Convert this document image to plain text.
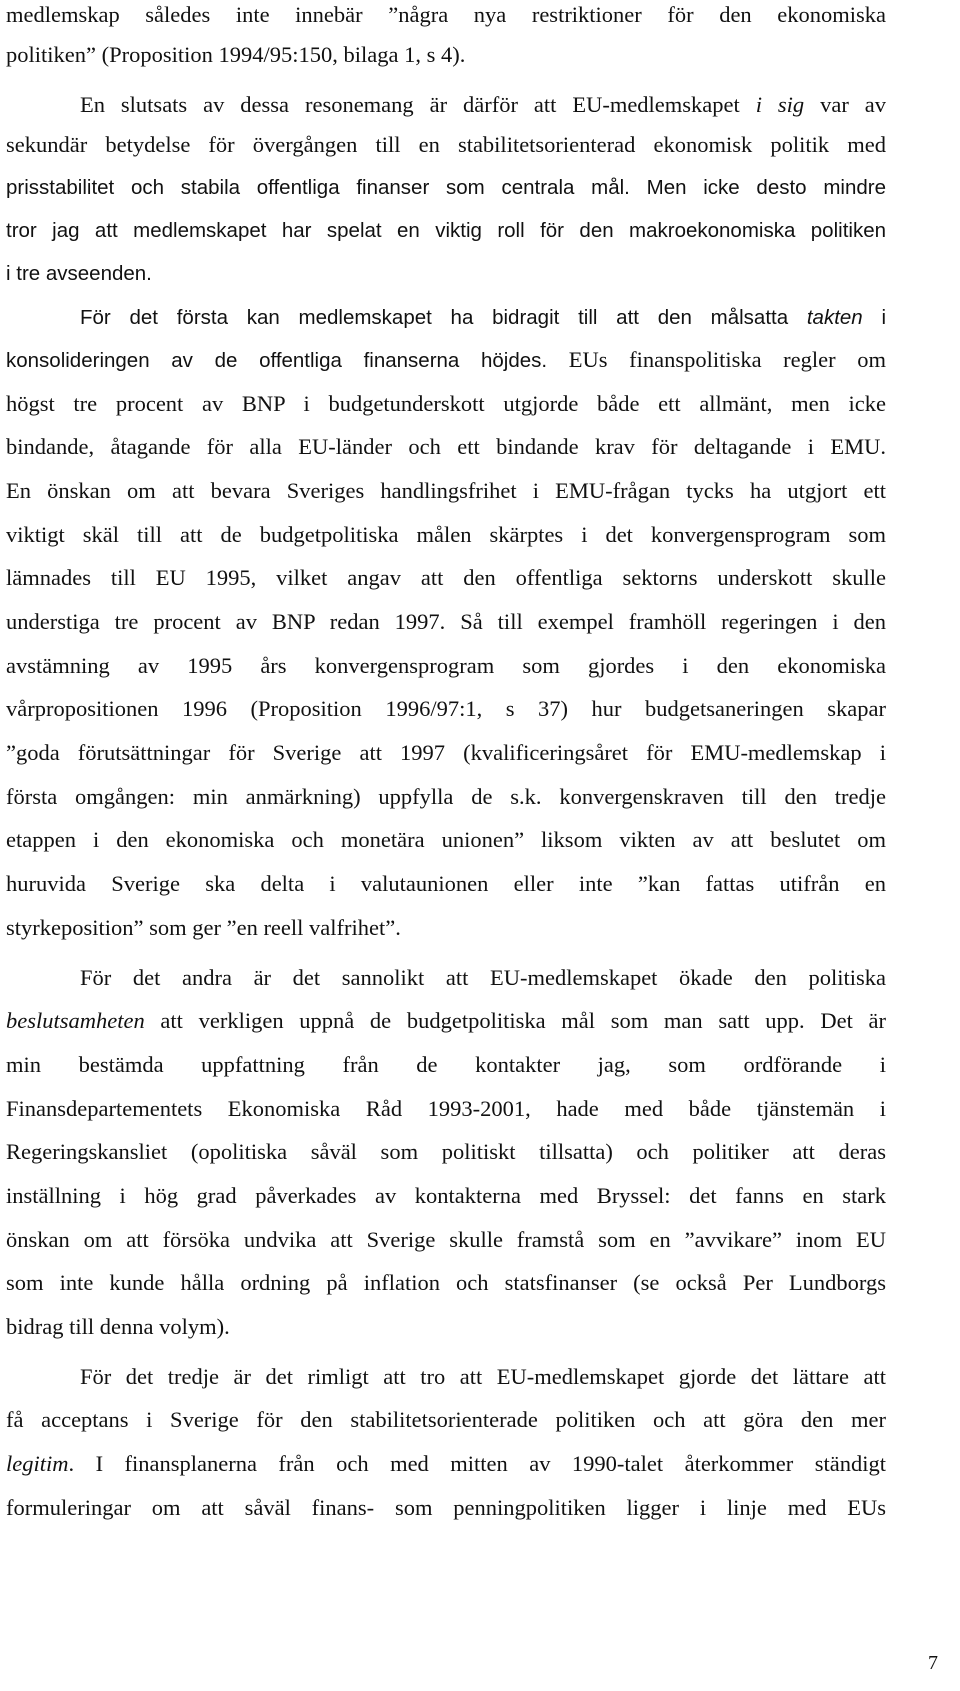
medlemskap således inte innebär ”några nya restriktioner för den ekonomiska

politiken” (Proposition 1994/95:150, bilaga 1, s 4).

En slutsats av dessa resonemang är därför att EU-medlemskapet i sig var av

sekundär betydelse för övergången till en stabilitetsorienterad ekonomisk politik med

prisstabilitet och stabila offentliga finanser som centrala mål. Men icke desto mindre

tror jag att medlemskapet har spelat en viktig roll för den makroekonomiska politiken

i tre avseenden.

För det första kan medlemskapet ha bidragit till att den målsatta takten i

konsolideringen av de offentliga finanserna höjdes. EUs finanspolitiska regler om

högst tre procent av BNP i budgetunderskott utgjorde både ett allmänt, men icke

bindande, åtagande för alla EU-länder och ett bindande krav för deltagande i EMU.

En önskan om att bevara Sveriges handlingsfrihet i EMU-frågan tycks ha utgjort ett

viktigt skäl till att de budgetpolitiska målen skärptes i det konvergensprogram som

lämnades till EU 1995, vilket angav att den offentliga sektorns underskott skulle

understiga tre procent av BNP redan 1997. Så till exempel framhöll regeringen i den

avstämning av 1995 års konvergensprogram som gjordes i den ekonomiska

vårpropositionen 1996 (Proposition 1996/97:1, s 37) hur budgetsaneringen skapar

”goda förutsättningar för Sverige att 1997 (kvalificeringsåret för EMU-medlemskap i

första omgången: min anmärkning) uppfylla de s.k. konvergenskraven till den tredje

etappen i den ekonomiska och monetära unionen” liksom vikten av att beslutet om

huruvida Sverige ska delta i valutaunionen eller inte ”kan fattas utifrån en

styrkeposition” som ger ”en reell valfrihet”.

För det andra är det sannolikt att EU-medlemskapet ökade den politiska

beslutsamheten att verkligen uppnå de budgetpolitiska mål som man satt upp. Det är

min bestämda uppfattning från de kontakter jag, som ordförande i

Finansdepartementets Ekonomiska Råd 1993-2001, hade med både tjänstemän i

Regeringskansliet (opolitiska såväl som politiskt tillsatta) och politiker att deras

inställning i hög grad påverkades av kontakterna med Bryssel: det fanns en stark

önskan om att försöka undvika att Sverige skulle framstå som en ”avvikare” inom EU

som inte kunde hålla ordning på inflation och statsfinanser (se också Per Lundborgs

bidrag till denna volym).

För det tredje är det rimligt att tro att EU-medlemskapet gjorde det lättare att

få acceptans i Sverige för den stabilitetsorienterade politiken och att göra den mer

legitim. I finansplanerna från och med mitten av 1990-talet återkommer ständigt

formuleringar om att såväl finans- som penningpolitiken ligger i linje med EUs

7
